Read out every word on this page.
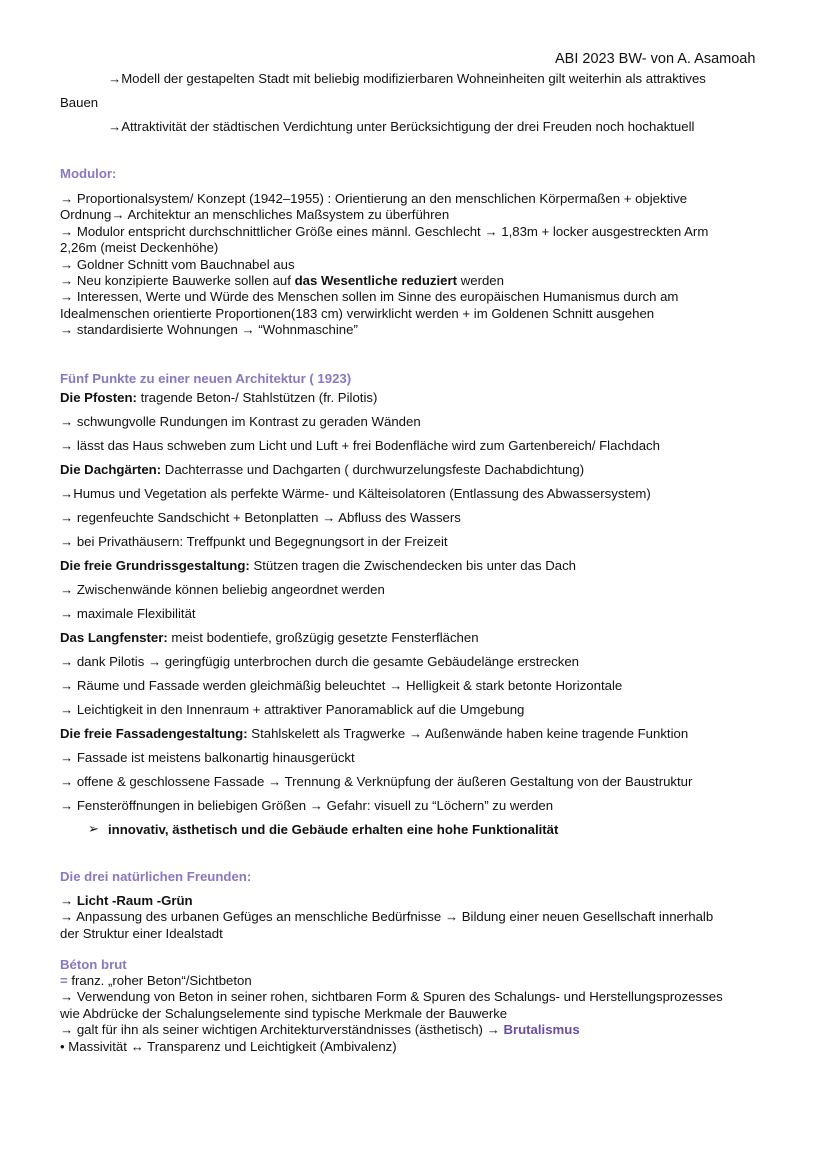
ABI 2023 BW- von A. Asamoah
→Modell der gestapelten Stadt mit beliebig modifizierbaren Wohneinheiten gilt weiterhin als attraktives
Bauen
→Attraktivität der städtischen Verdichtung unter Berücksichtigung der drei Freuden noch hochaktuell
Modulor:

→ Proportionalsystem/ Konzept (1942–1955) : Orientierung an den menschlichen Körpermaßen + objektive

Ordnung→ Architektur an menschliches Maßsystem zu überführen

→ Modulor entspricht durchschnittlicher Größe eines männl. Geschlecht → 1,83m + locker ausgestreckten Arm

2,26m (meist Deckenhöhe)

→ Goldner Schnitt vom Bauchnabel aus

→ Neu konzipierte Bauwerke sollen auf das Wesentliche reduziert werden

→ Interessen, Werte und Würde des Menschen sollen im Sinne des europäischen Humanismus durch am

Idealmenschen orientierte Proportionen(183 cm) verwirklicht werden + im Goldenen Schnitt ausgehen

→ standardisierte Wohnungen → “Wohnmaschine”

Fünf Punkte zu einer neuen Architektur ( 1923)

Die Pfosten: tragende Beton-/ Stahlstützen (fr. Pilotis)

→ schwungvolle Rundungen im Kontrast zu geraden Wänden

→ lässt das Haus schweben zum Licht und Luft + frei Bodenfläche wird zum Gartenbereich/ Flachdach

Die Dachgärten: Dachterrasse und Dachgarten ( durchwurzelungsfeste Dachabdichtung)

→Humus und Vegetation als perfekte Wärme- und Kälteisolatoren (Entlassung des Abwassersystem)

→ regenfeuchte Sandschicht + Betonplatten → Abfluss des Wassers

→ bei Privathäusern: Treffpunkt und Begegnungsort in der Freizeit

Die freie Grundrissgestaltung: Stützen tragen die Zwischendecken bis unter das Dach

→ Zwischenwände können beliebig angeordnet werden

→ maximale Flexibilität

Das Langfenster: meist bodentiefe, großzügig gesetzte Fensterflächen

→ dank Pilotis → geringfügig unterbrochen durch die gesamte Gebäudelänge erstrecken

→ Räume und Fassade werden gleichmäßig beleuchtet → Helligkeit & stark betonte Horizontale

→ Leichtigkeit in den Innenraum + attraktiver Panoramablick auf die Umgebung

Die freie Fassadengestaltung: Stahlskelett als Tragwerke → Außenwände haben keine tragende Funktion

→ Fassade ist meistens balkonartig hinausgerückt

→ offene & geschlossene Fassade → Trennung & Verknüpfung der äußeren Gestaltung von der Baustruktur

→ Fensteröffnungen in beliebigen Größen → Gefahr: visuell zu “Löchern” zu werden

➢ innovativ, ästhetisch und die Gebäude erhalten eine hohe Funktionalität
Die drei natürlichen Freunden:

→ Licht -Raum -Grün

→ Anpassung des urbanen Gefüges an menschliche Bedürfnisse → Bildung einer neuen Gesellschaft innerhalb

der Struktur einer Idealstadt

Béton brut

= franz. „roher Beton“/Sichtbeton

→ Verwendung von Beton in seiner rohen, sichtbaren Form & Spuren des Schalungs- und Herstellungsprozesses

wie Abdrücke der Schalungselemente sind typische Merkmale der Bauwerke

→ galt für ihn als seiner wichtigen Architekturverständnisses (ästhetisch) → Brutalismus

• Massivität ↔ Transparenz und Leichtigkeit (Ambivalenz)
